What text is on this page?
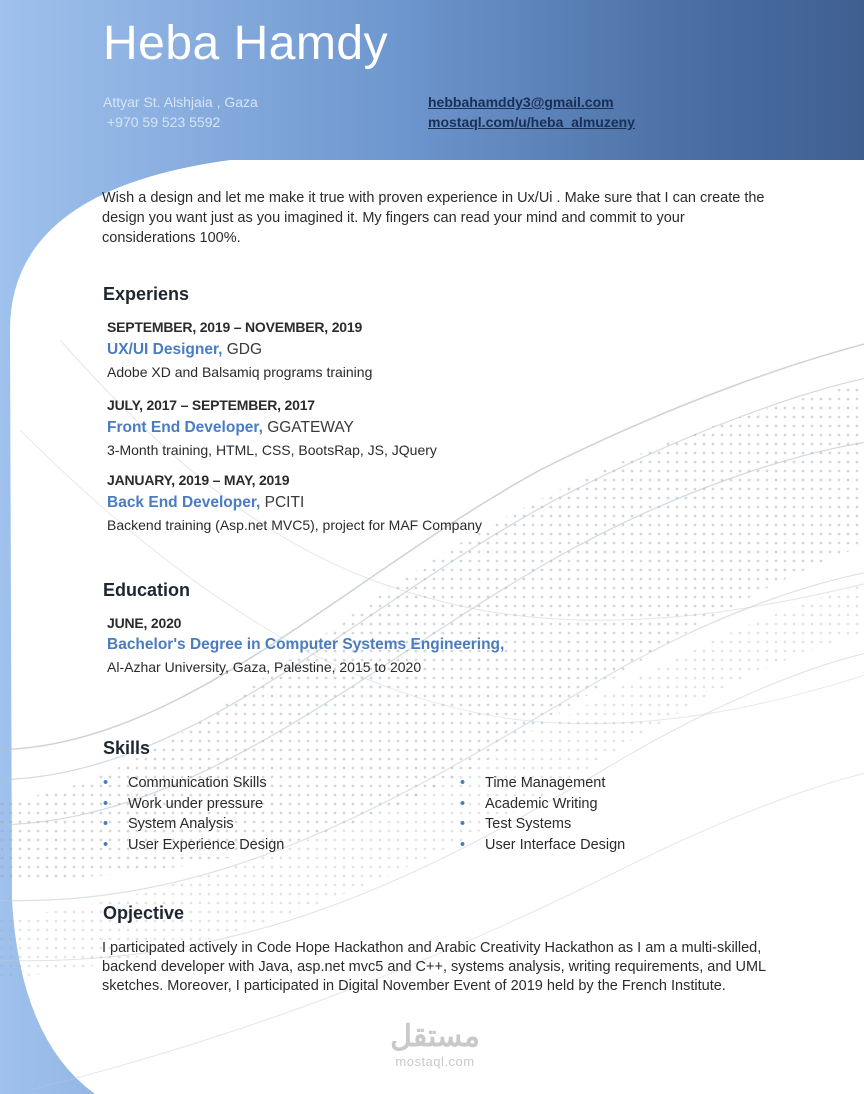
Heba Hamdy
Attyar St. Alshjaia , Gaza
+970 59 523 5592
hebbahamddy3@gmail.com
mostaql.com/u/heba_almuzeny
Wish a design and let me make it true with proven experience in Ux/Ui . Make sure that I can create the design you want just as you imagined it. My fingers can read your mind and commit to your considerations 100%.
Experiens
SEPTEMBER, 2019 – NOVEMBER, 2019
UX/UI Designer, GDG
Adobe XD and Balsamiq programs training
JULY, 2017 – SEPTEMBER, 2017
Front End Developer, GGATEWAY
3-Month training, HTML, CSS, BootsRap, JS, JQuery
JANUARY, 2019 – MAY, 2019
Back End Developer, PCITI
Backend training (Asp.net MVC5), project for MAF Company
Education
JUNE, 2020
Bachelor's Degree in Computer Systems Engineering,
Al-Azhar University, Gaza, Palestine, 2015 to 2020
Skills
• Communication Skills
• Work under pressure
• System Analysis
• User Experience Design
• Time Management
• Academic Writing
• Test Systems
• User Interface Design
Opjective
I participated actively in Code Hope Hackathon and Arabic Creativity Hackathon as I am a multi-skilled, backend developer with Java, asp.net mvc5 and C++, systems analysis, writing requirements, and UML sketches. Moreover, I participated in Digital November Event of 2019 held by the French Institute.
مستقل
mostaql.com
